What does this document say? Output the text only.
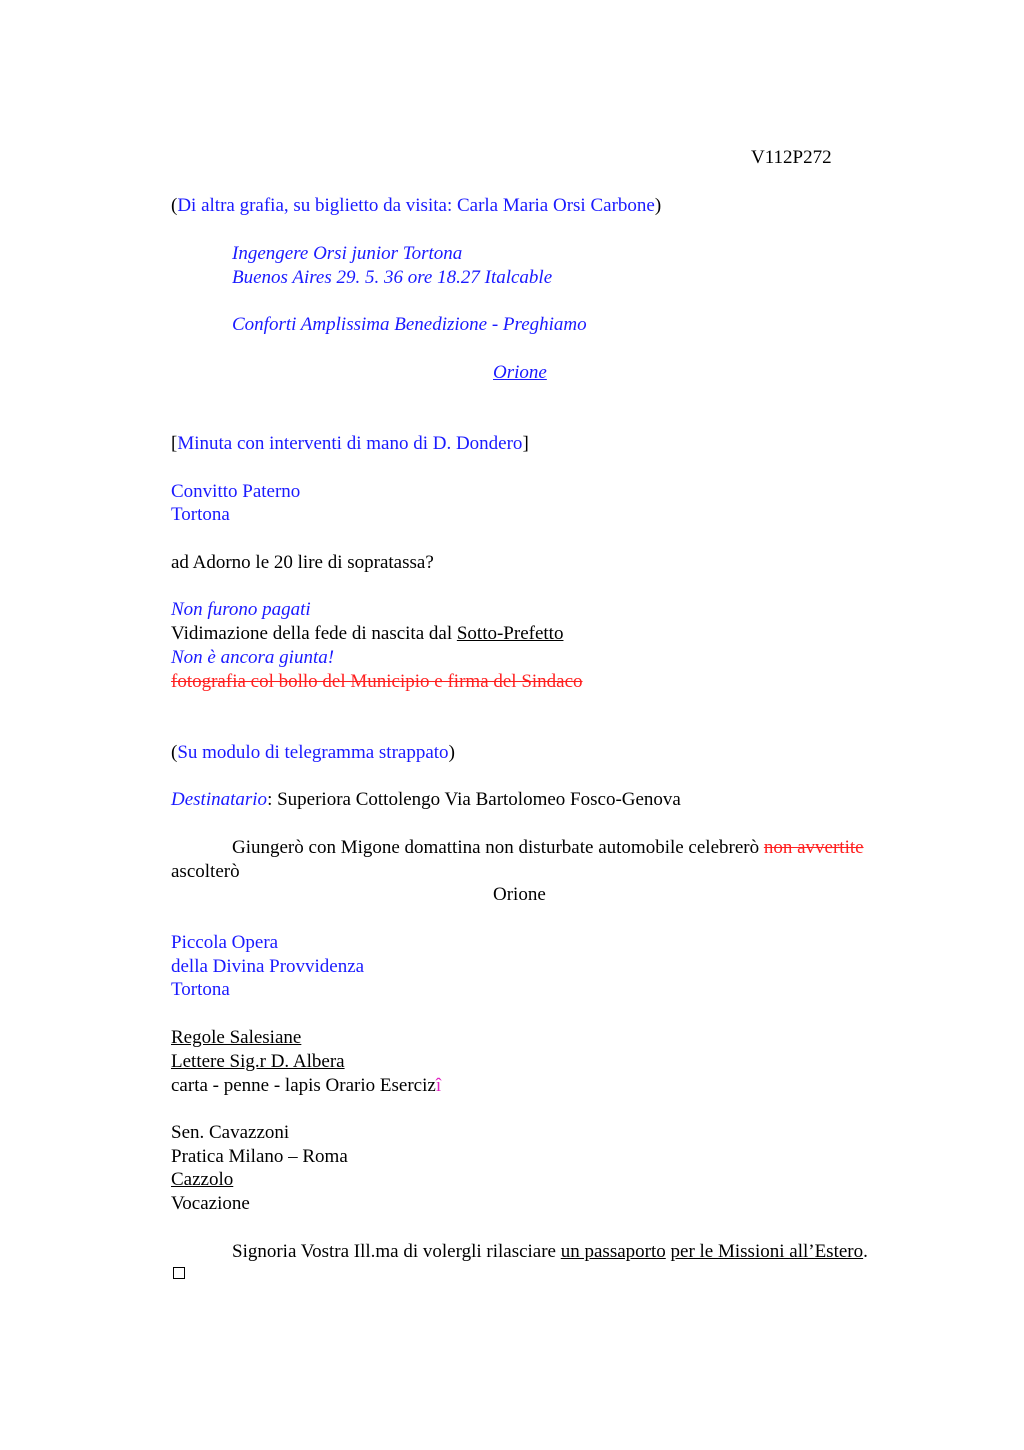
V112P272
(Di altra grafia, su biglietto da visita: Carla Maria Orsi Carbone)
Ingengere Orsi junior Tortona
Buenos Aires 29. 5. 36 ore 18.27 Italcable
Conforti Amplissima Benedizione - Preghiamo
Orione
[Minuta con interventi di mano di D. Dondero]
Convitto Paterno
Tortona
ad Adorno le 20 lire di sopratassa?
Non furono pagati
Vidimazione della fede di nascita dal Sotto-Prefetto
Non è ancora giunta!
fotografia col bollo del Municipio e firma del Sindaco
(Su modulo di telegramma strappato)
Destinatario: Superiora Cottolengo Via Bartolomeo Fosco-Genova
Giungerò con Migone domattina non disturbate automobile celebrerò non avvertite
ascolterò
Orione
Piccola Opera
della Divina Provvidenza
Tortona
Regole Salesiane
Lettere Sig.r D. Albera
carta - penne - lapis Orario Esercizî
Sen. Cavazzoni
Pratica Milano – Roma
Cazzolo
Vocazione
Signoria Vostra Ill.ma di volergli rilasciare un passaporto per le Missioni all’Estero.
